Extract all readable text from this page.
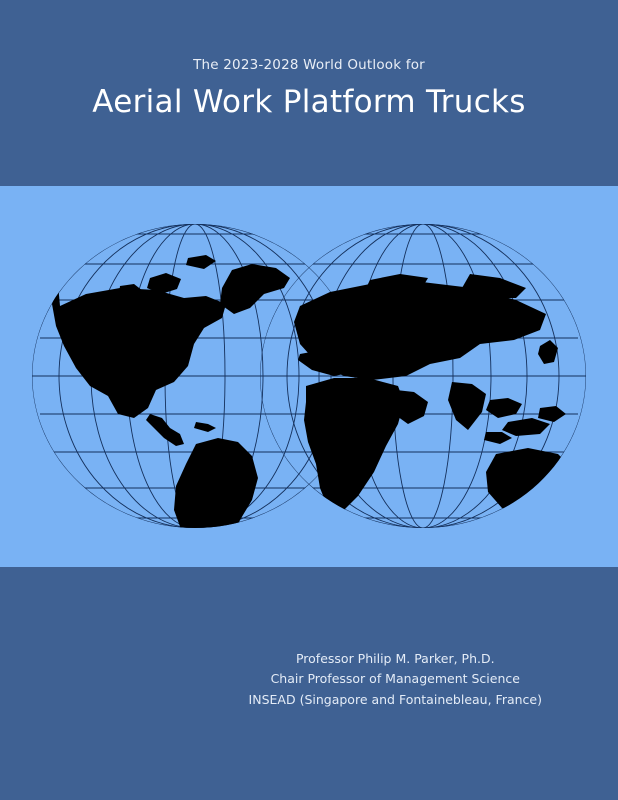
The 2023-2028 World Outlook for
Aerial Work Platform Trucks
Professor Philip M. Parker, Ph.D.
Chair Professor of Management Science
INSEAD (Singapore and Fontainebleau, France)
